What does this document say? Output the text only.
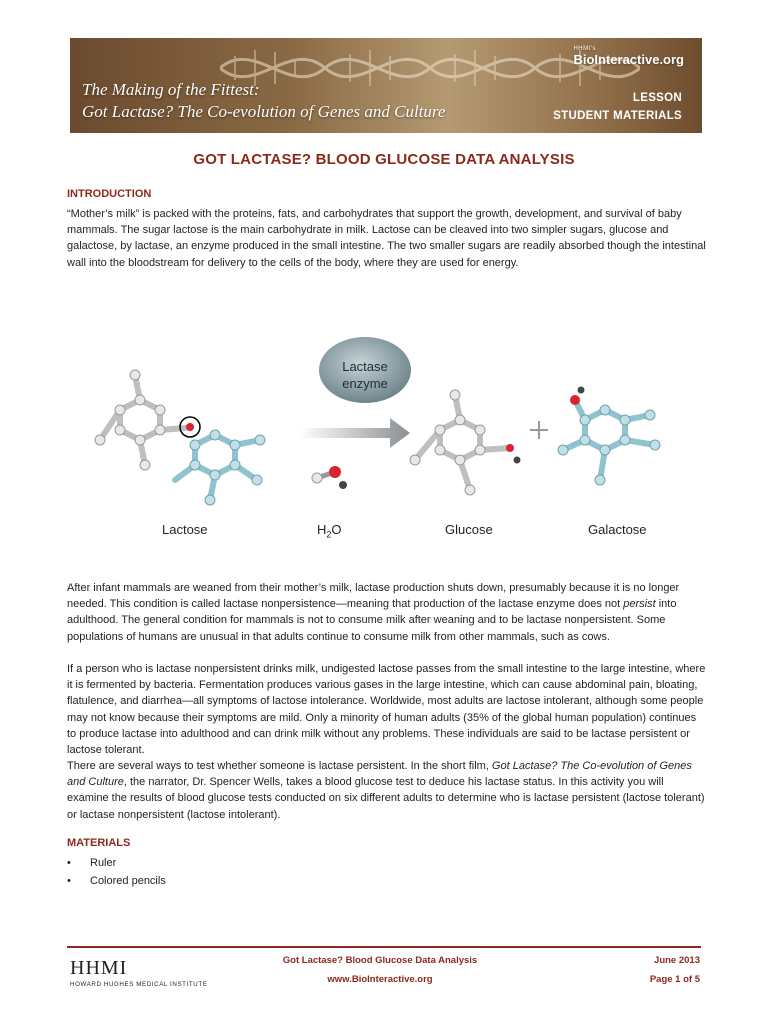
The Making of the Fittest:
Got Lactase? The Co-evolution of Genes and Culture
HHMI's
BioInteractive.org
LESSON
STUDENT MATERIALS
GOT LACTASE? BLOOD GLUCOSE DATA ANALYSIS
INTRODUCTION

“Mother’s milk” is packed with the proteins, fats, and carbohydrates that support the growth, development, and survival of baby mammals. The sugar lactose is the main carbohydrate in milk. Lactose can be cleaved into two simpler sugars, glucose and galactose, by lactase, an enzyme produced in the small intestine. The two smaller sugars are readily absorbed though the intestinal wall into the bloodstream for delivery to the cells of the body, where they are used for energy.

Lactase
enzyme
Lactose	$H_2O$	Glucose	Galactose

After infant mammals are weaned from their mother’s milk, lactase production shuts down, presumably because it is no longer needed. This condition is called lactase nonpersistence—meaning that production of the lactase enzyme does not persist into adulthood. The general condition for mammals is not to consume milk after weaning and to be lactase nonpersistent. Some populations of humans are unusual in that adults continue to consume milk from other mammals, such as cows.

If a person who is lactase nonpersistent drinks milk, undigested lactose passes from the small intestine to the large intestine, where it is fermented by bacteria. Fermentation produces various gases in the large intestine, which can cause abdominal pain, bloating, flatulence, and diarrhea—all symptoms of lactose intolerance. Worldwide, most adults are lactose intolerant, although some people may not know because their symptoms are mild. Only a minority of human adults (35% of the global human population) continues to produce lactase into adulthood and can drink milk without any problems. These individuals are said to be lactase persistent or lactose tolerant.

There are several ways to test whether someone is lactase persistent. In the short film, Got Lactase? The Co-evolution of Genes and Culture, the narrator, Dr. Spencer Wells, takes a blood glucose test to deduce his lactase status. In this activity you will examine the results of blood glucose tests conducted on six different adults to determine who is lactase persistent (lactose tolerant) or lactase nonpersistent (lactose intolerant).

MATERIALS
• Ruler
• Colored pencils
HHMI
HOWARD HUGHES MEDICAL INSTITUTE
Got Lactase? Blood Glucose Data Analysis
www.BioInteractive.org
June 2013
Page 1 of 5
